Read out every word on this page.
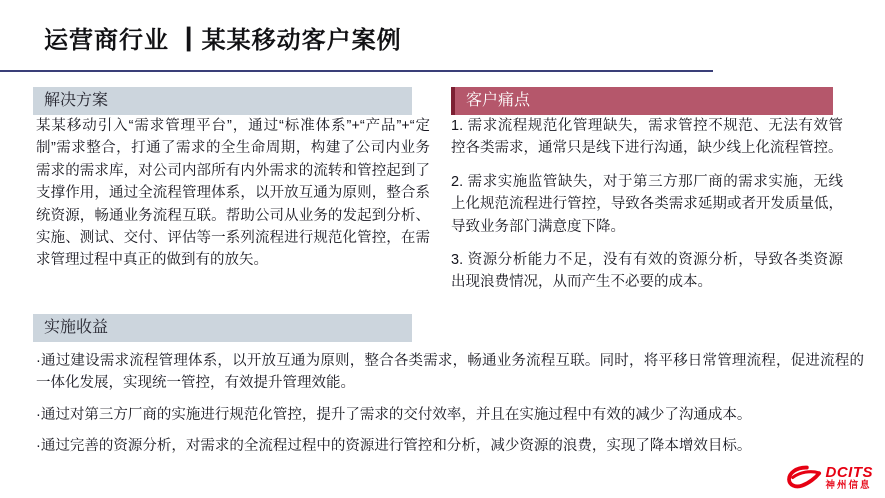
运营商行业 ┃某某移动客户案例
解决方案
某某移动引入“需求管理平台”，通过“标准体系”+“产品”+“定制”需求整合，打通了需求的全生命周期，构建了公司内业务需求的需求库，对公司内部所有内外需求的流转和管控起到了支撑作用，通过全流程管理体系，以开放互通为原则，整合系统资源，畅通业务流程互联。帮助公司从业务的发起到分析、实施、测试、交付、评估等一系列流程进行规范化管控，在需求管理过程中真正的做到有的放矢。
客户痛点

1. 需求流程规范化管理缺失，需求管控不规范、无法有效管控各类需求，通常只是线下进行沟通，缺少线上化流程管控。

2. 需求实施监管缺失，对于第三方那厂商的需求实施，无线上化规范流程进行管控，导致各类需求延期或者开发质量低，导致业务部门满意度下降。

3. 资源分析能力不足，没有有效的资源分析，导致各类资源出现浪费情况，从而产生不必要的成本。

实施收益

·通过建设需求流程管理体系，以开放互通为原则，整合各类需求，畅通业务流程互联。同时，将平移日常管理流程，促进流程的一体化发展，实现统一管控，有效提升管理效能。

·通过对第三方厂商的实施进行规范化管控，提升了需求的交付效率，并且在实施过程中有效的减少了沟通成本。

·通过完善的资源分析，对需求的全流程过程中的资源进行管控和分析，减少资源的浪费，实现了降本增效目标。

DCITS
神州信息
